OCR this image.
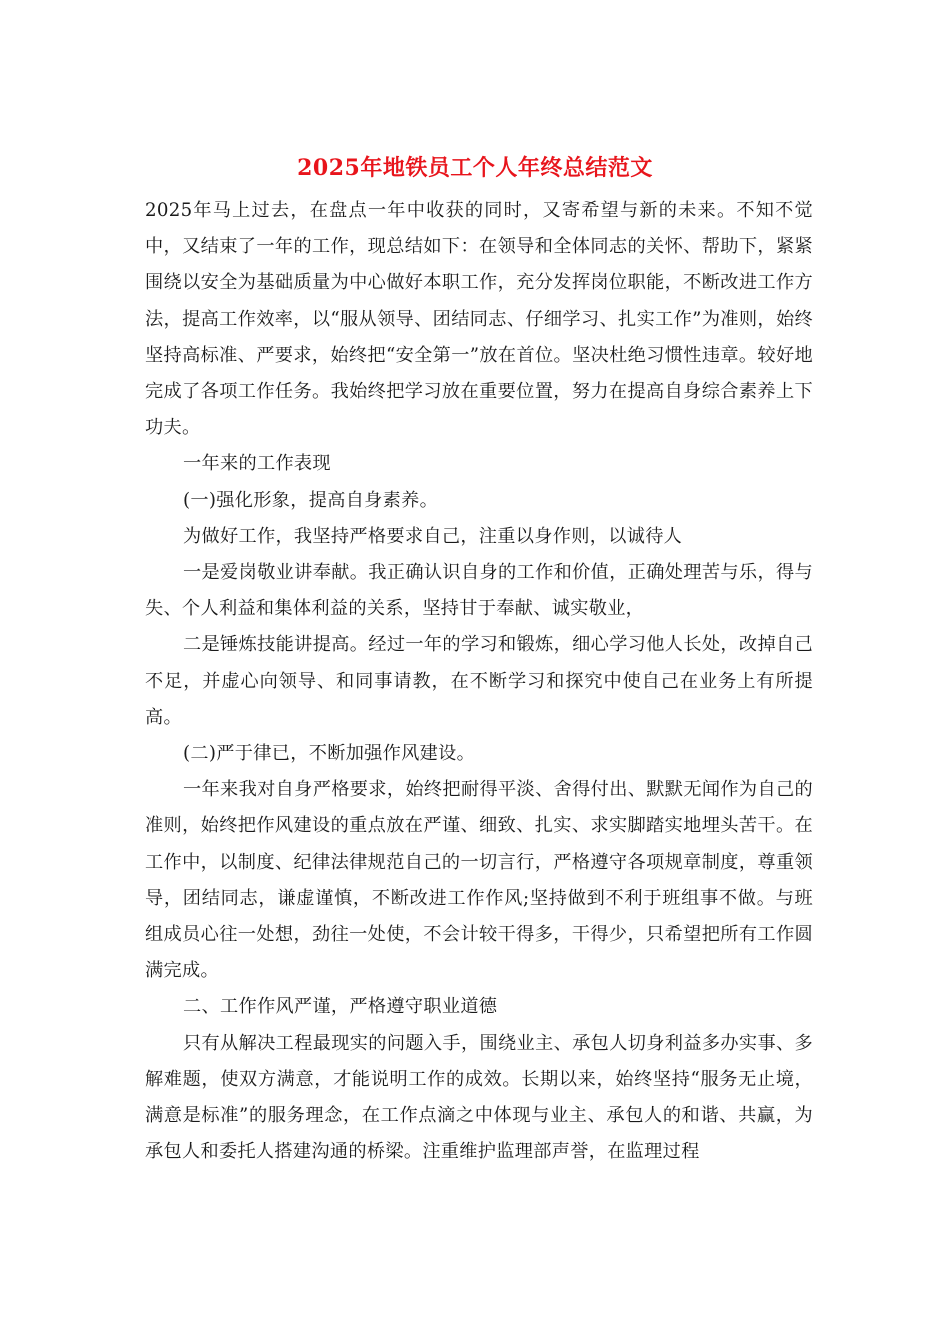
2025年地铁员工个人年终总结范文

2025年马上过去，在盘点一年中收获的同时，又寄希望与新的未来。不知不觉中，又结束了一年的工作，现总结如下：在领导和全体同志的关怀、帮助下，紧紧围绕以安全为基础质量为中心做好本职工作，充分发挥岗位职能，不断改进工作方法，提高工作效率，以“服从领导、团结同志、仔细学习、扎实工作”为准则，始终坚持高标准、严要求，始终把“安全第一”放在首位。坚决杜绝习惯性违章。较好地完成了各项工作任务。我始终把学习放在重要位置，努力在提高自身综合素养上下功夫。

一年来的工作表现

(一)强化形象，提高自身素养。

为做好工作，我坚持严格要求自己，注重以身作则，以诚待人

一是爱岗敬业讲奉献。我正确认识自身的工作和价值，正确处理苦与乐，得与失、个人利益和集体利益的关系，坚持甘于奉献、诚实敬业，

二是锤炼技能讲提高。经过一年的学习和锻炼，细心学习他人长处，改掉自己不足，并虚心向领导、和同事请教，在不断学习和探究中使自己在业务上有所提高。

(二)严于律已，不断加强作风建设。

一年来我对自身严格要求，始终把耐得平淡、舍得付出、默默无闻作为自己的准则，始终把作风建设的重点放在严谨、细致、扎实、求实脚踏实地埋头苦干。在工作中，以制度、纪律法律规范自己的一切言行，严格遵守各项规章制度，尊重领导，团结同志，谦虚谨慎，不断改进工作作风;坚持做到不利于班组事不做。与班组成员心往一处想，劲往一处使，不会计较干得多，干得少，只希望把所有工作圆满完成。

二、工作作风严谨，严格遵守职业道德

只有从解决工程最现实的问题入手，围绕业主、承包人切身利益多办实事、多解难题，使双方满意，才能说明工作的成效。长期以来，始终坚持“服务无止境，满意是标准”的服务理念，在工作点滴之中体现与业主、承包人的和谐、共赢，为承包人和委托人搭建沟通的桥梁。注重维护监理部声誉，在监理过程
